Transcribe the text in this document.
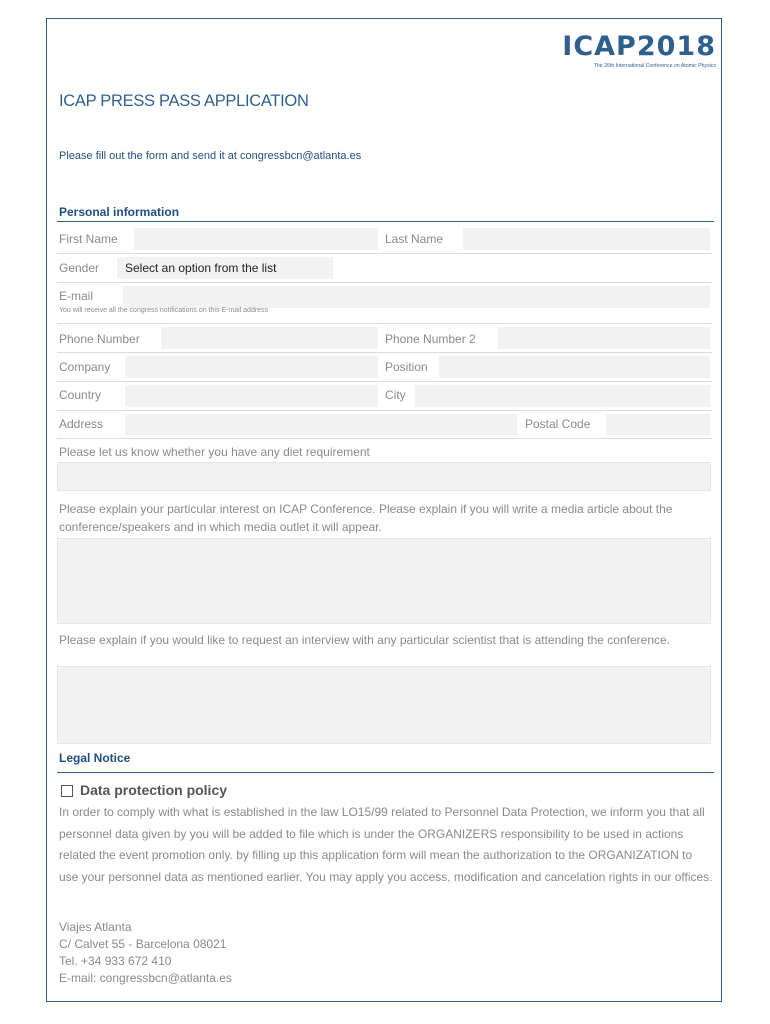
ICAP2018
The 26th International Conference on Atomic Physics
ICAP PRESS PASS APPLICATION
Please fill out the form and send it at congressbcn@atlanta.es
Personal information
First Name	Last Name
Gender Select an option from the list
E-mail
You will receive all the congress notifications on this E-mail address
Phone Number	Phone Number 2
Company	Position
Country	City
Address	Postal Code
Please let us know whether you have any diet requirement
Please explain your particular interest on ICAP Conference. Please explain if you will write a media article about the conference/speakers and in which media outlet it will appear.
Please explain if you would like to request an interview with any particular scientist that is attending the conference.
Legal Notice
Data protection policy
In order to comply with what is established in the law LO15/99 related to Personnel Data Protection, we inform you that all personnel data given by you will be added to file which is under the ORGANIZERS responsibility to be used in actions related the event promotion only. by filling up this application form will mean the authorization to the ORGANIZATION to use your personnel data as mentioned earlier. You may apply you access, modification and cancelation rights in our offices.
Viajes Atlanta
C/ Calvet 55 - Barcelona 08021
Tel. +34 933 672 410
E-mail: congressbcn@atlanta.es
